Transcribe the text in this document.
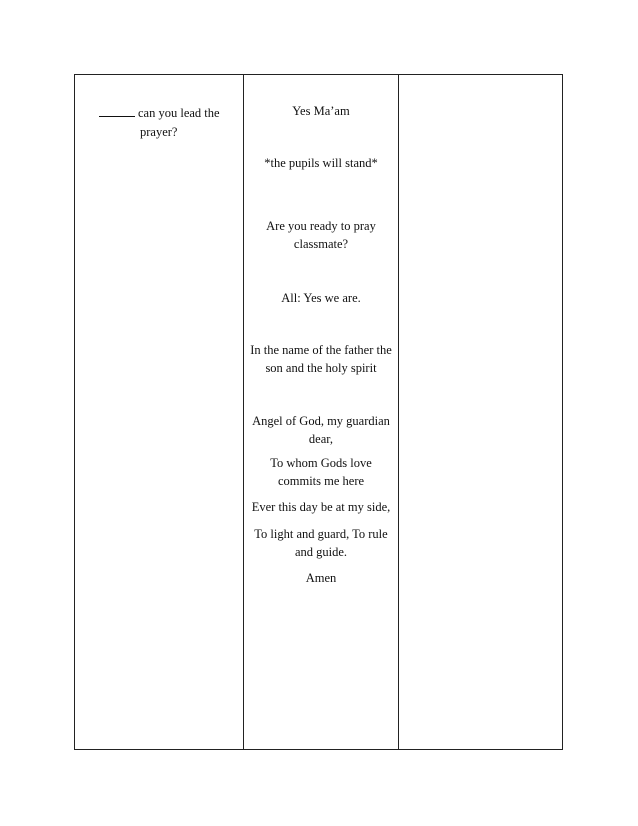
can you lead the
prayer?
Yes Ma’am
*the pupils will stand*
Are you ready to pray
classmate?
All: Yes we are.
In the name of the father the
son and the holy spirit
Angel of God, my guardian
dear,
To whom Gods love
commits me here
Ever this day be at my side,
To light and guard, To rule
and guide.
Amen
